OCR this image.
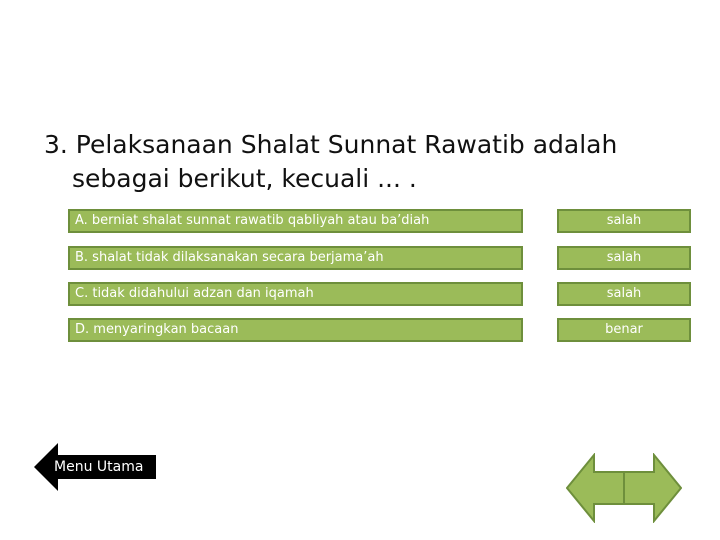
3. Pelaksanaan Shalat Sunnat Rawatib adalah
sebagai berikut, kecuali ... .
A. berniat shalat sunnat rawatib qabliyah atau ba’diah	salah
B. shalat tidak dilaksanakan secara berjama’ah	salah
C. tidak didahului adzan dan iqamah	salah
D. menyaringkan bacaan	benar
Menu Utama
